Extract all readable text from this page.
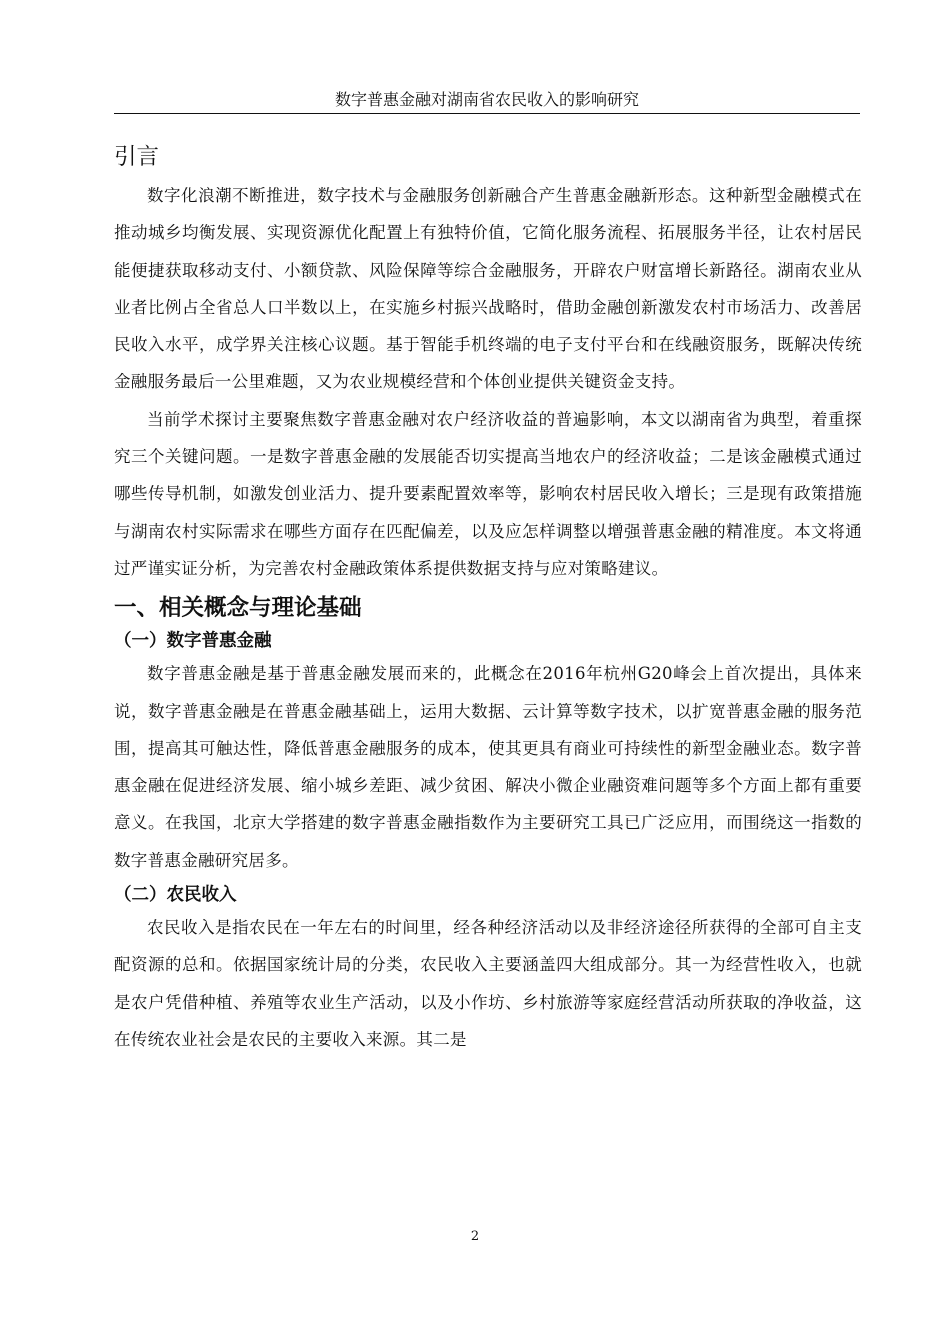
数字普惠金融对湖南省农民收入的影响研究
引言

数字化浪潮不断推进，数字技术与金融服务创新融合产生普惠金融新形态。这种新型金融模式在推动城乡均衡发展、实现资源优化配置上有独特价值，它简化服务流程、拓展服务半径，让农村居民能便捷获取移动支付、小额贷款、风险保障等综合金融服务，开辟农户财富增长新路径。湖南农业从业者比例占全省总人口半数以上，在实施乡村振兴战略时，借助金融创新激发农村市场活力、改善居民收入水平，成学界关注核心议题。基于智能手机终端的电子支付平台和在线融资服务，既解决传统金融服务最后一公里难题，又为农业规模经营和个体创业提供关键资金支持。

当前学术探讨主要聚焦数字普惠金融对农户经济收益的普遍影响，本文以湖南省为典型，着重探究三个关键问题。一是数字普惠金融的发展能否切实提高当地农户的经济收益；二是该金融模式通过哪些传导机制，如激发创业活力、提升要素配置效率等，影响农村居民收入增长；三是现有政策措施与湖南农村实际需求在哪些方面存在匹配偏差，以及应怎样调整以增强普惠金融的精准度。本文将通过严谨实证分析，为完善农村金融政策体系提供数据支持与应对策略建议。

一、相关概念与理论基础
（一）数字普惠金融

数字普惠金融是基于普惠金融发展而来的，此概念在2016年杭州G20峰会上首次提出，具体来说，数字普惠金融是在普惠金融基础上，运用大数据、云计算等数字技术，以扩宽普惠金融的服务范围，提高其可触达性，降低普惠金融服务的成本，使其更具有商业可持续性的新型金融业态。数字普惠金融在促进经济发展、缩小城乡差距、减少贫困、解决小微企业融资难问题等多个方面上都有重要意义。在我国，北京大学搭建的数字普惠金融指数作为主要研究工具已广泛应用，而围绕这一指数的数字普惠金融研究居多。

（二）农民收入

农民收入是指农民在一年左右的时间里，经各种经济活动以及非经济途径所获得的全部可自主支配资源的总和。依据国家统计局的分类，农民收入主要涵盖四大组成部分。其一为经营性收入，也就是农户凭借种植、养殖等农业生产活动，以及小作坊、乡村旅游等家庭经营活动所获取的净收益，这在传统农业社会是农民的主要收入来源。其二是

2
